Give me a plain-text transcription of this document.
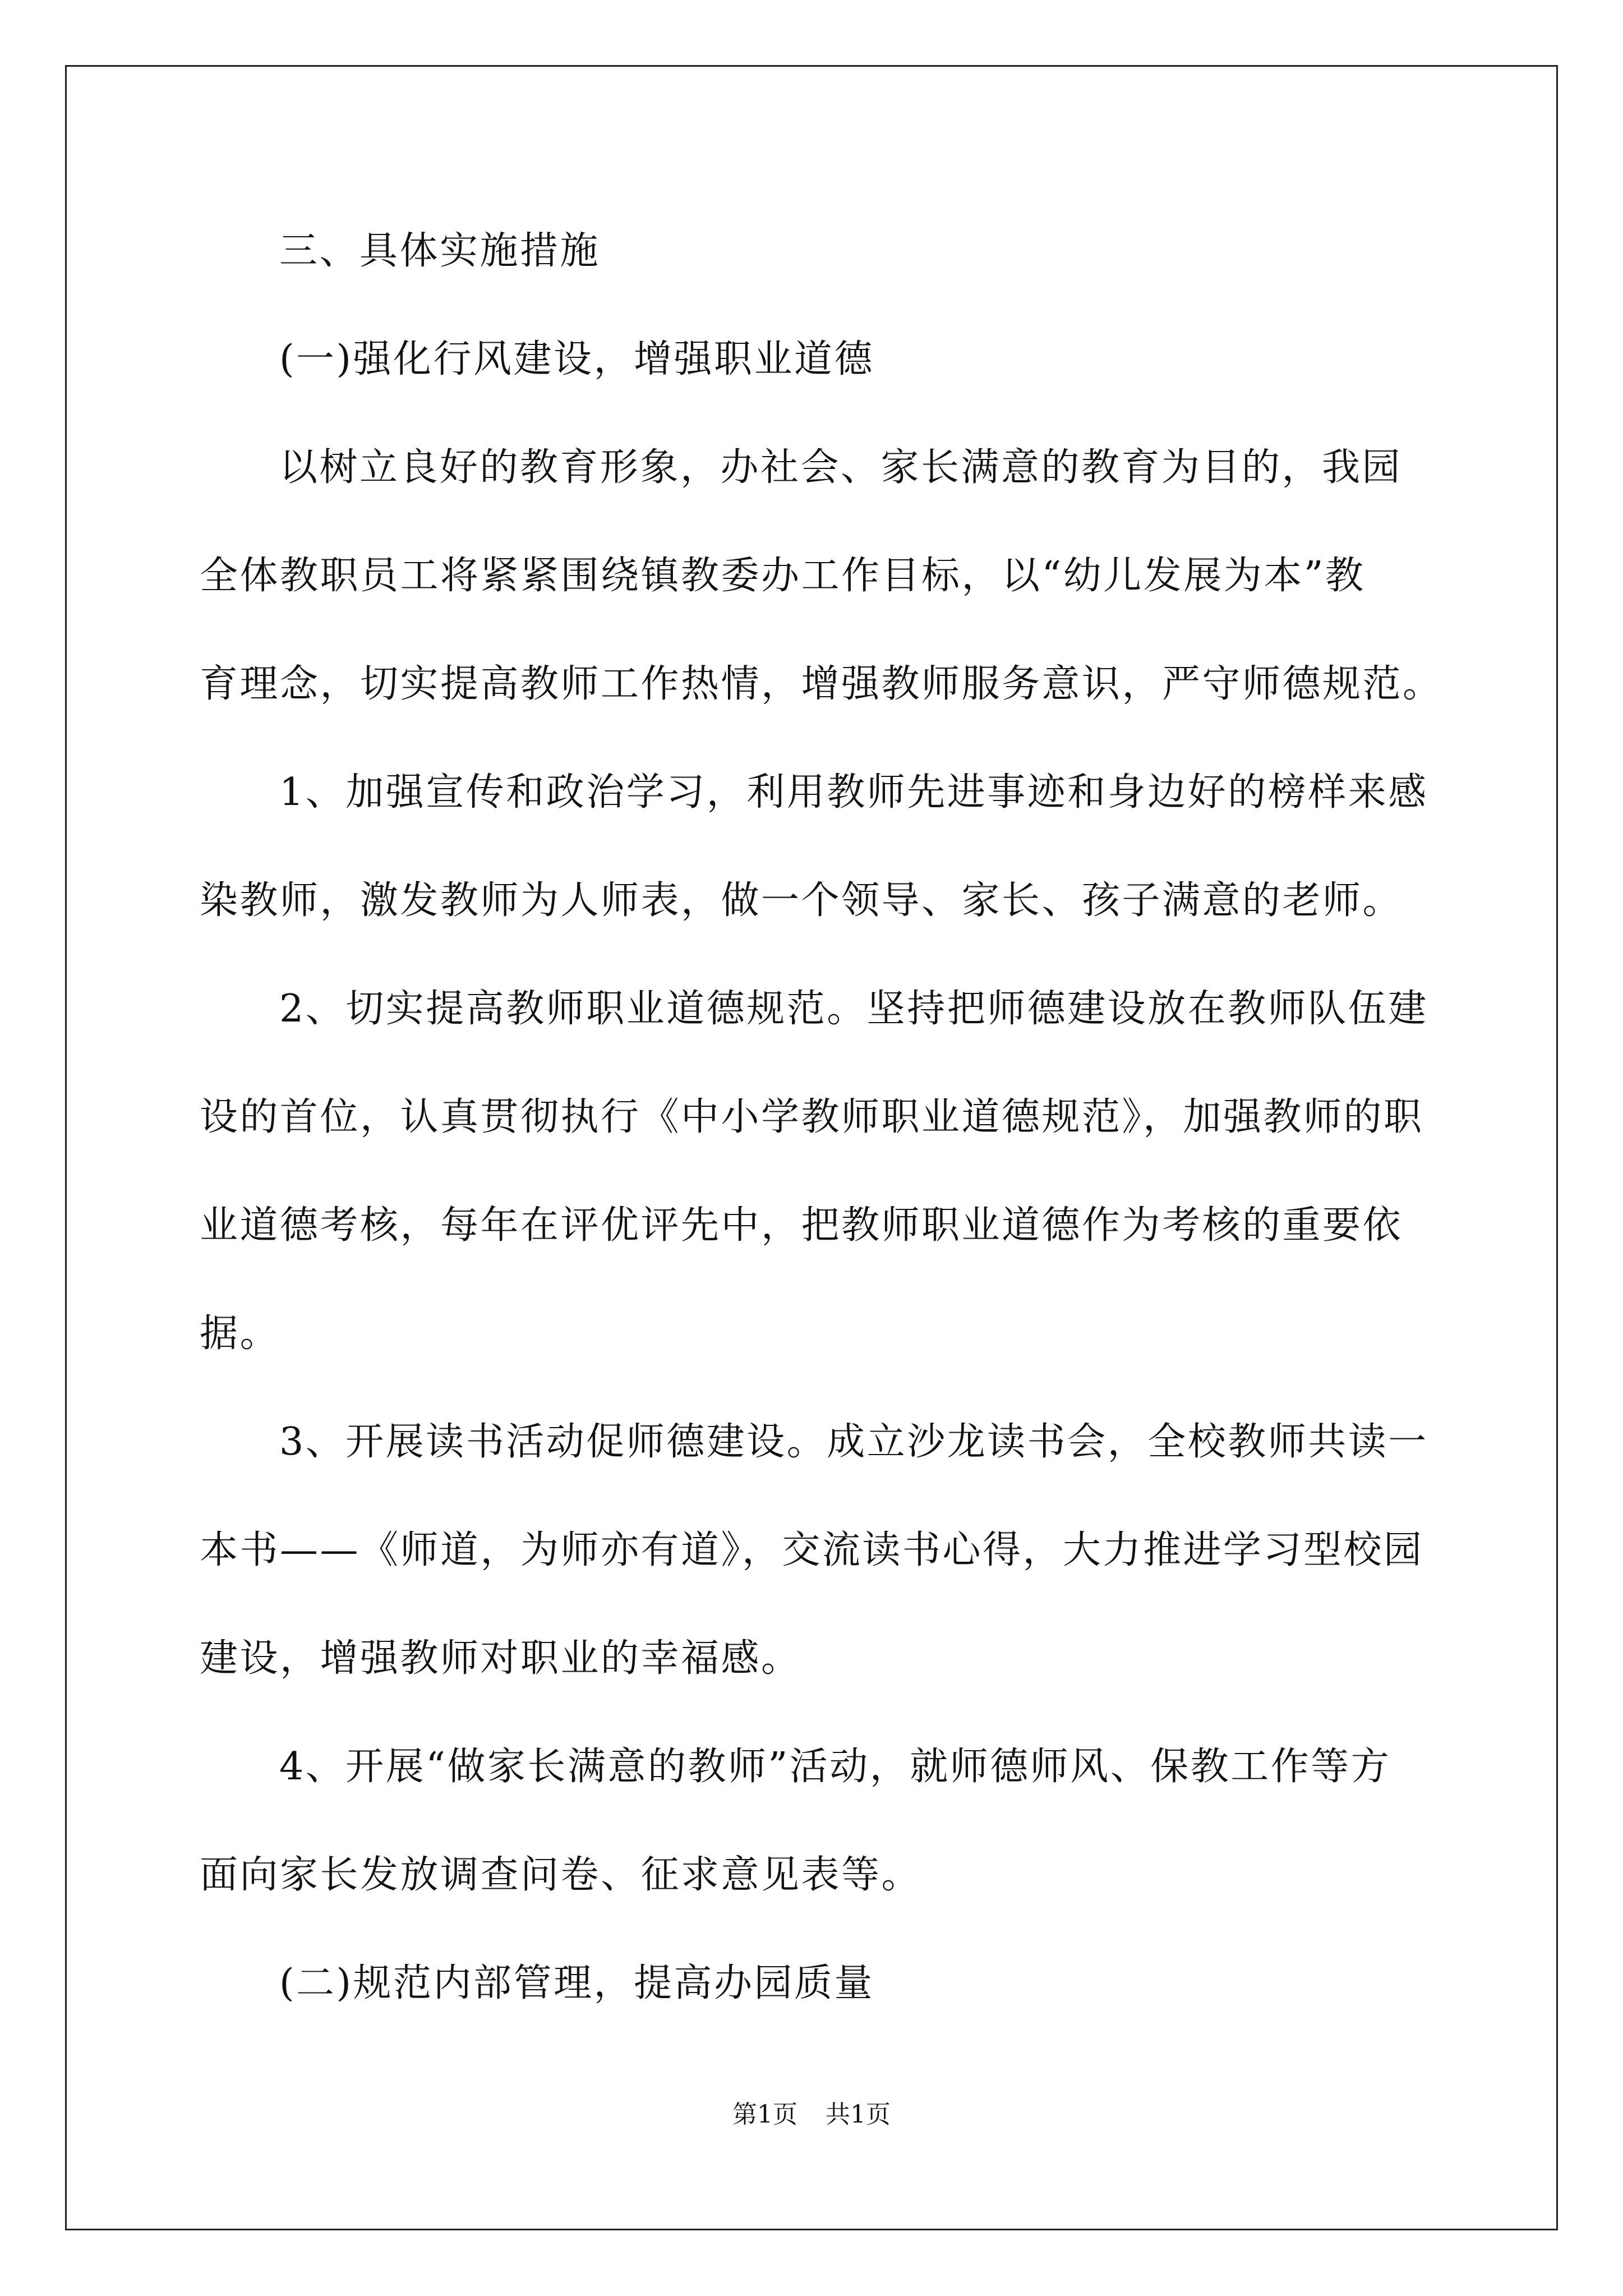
三、具体实施措施
(一)强化行风建设，增强职业道德
以树立良好的教育形象，办社会、家长满意的教育为目的，我园
全体教职员工将紧紧围绕镇教委办工作目标，以“幼儿发展为本”教
育理念，切实提高教师工作热情，增强教师服务意识，严守师德规范。
1、加强宣传和政治学习，利用教师先进事迹和身边好的榜样来感
染教师，激发教师为人师表，做一个领导、家长、孩子满意的老师。
2、切实提高教师职业道德规范。坚持把师德建设放在教师队伍建
设的首位，认真贯彻执行《中小学教师职业道德规范》，加强教师的职
业道德考核，每年在评优评先中，把教师职业道德作为考核的重要依
据。
3、开展读书活动促师德建设。成立沙龙读书会，全校教师共读一
本书——《师道，为师亦有道》，交流读书心得，大力推进学习型校园
建设，增强教师对职业的幸福感。
4、开展“做家长满意的教师”活动，就师德师风、保教工作等方
面向家长发放调查问卷、征求意见表等。
(二)规范内部管理，提高办园质量
第1页 共1页
